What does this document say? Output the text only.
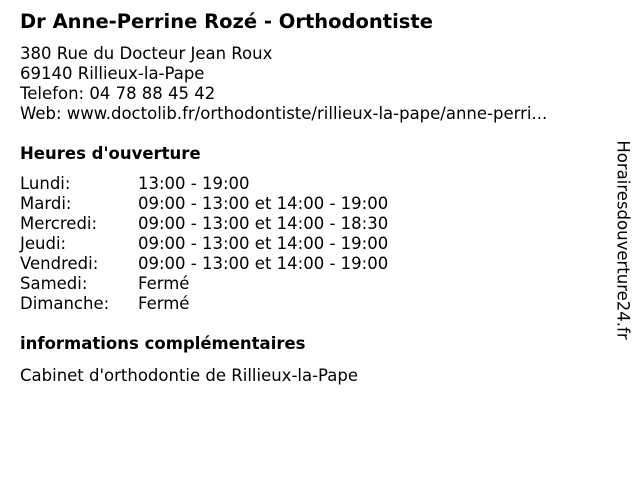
Dr Anne-Perrine Rozé - Orthodontiste
380 Rue du Docteur Jean Roux
69140 Rillieux-la-Pape
Telefon: 04 78 88 45 42
Web: www.doctolib.fr/orthodontiste/rillieux-la-pape/anne-perri...
Heures d'ouverture
Lundi:	13:00 - 19:00
Mardi:	09:00 - 13:00 et 14:00 - 19:00
Mercredi:	09:00 - 13:00 et 14:00 - 18:30
Jeudi:	09:00 - 13:00 et 14:00 - 19:00
Vendredi:	09:00 - 13:00 et 14:00 - 19:00
Samedi:	Fermé
Dimanche:	Fermé
informations complémentaires
Cabinet d'orthodontie de Rillieux-la-Pape
Horairesdouverture24.fr
